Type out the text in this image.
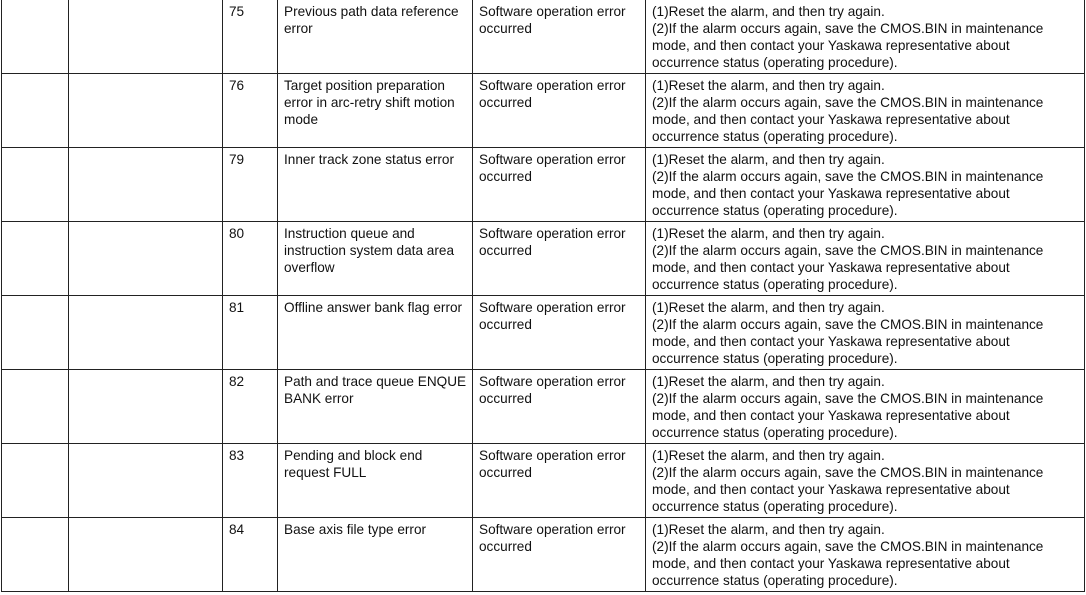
		75	Previous path data reference error	Software operation error occurred	(1)Reset the alarm, and then try again.
(2)If the alarm occurs again, save the CMOS.BIN in maintenance
mode, and then contact your Yaskawa representative about
occurrence status (operating procedure).

		76	Target position preparation error in arc-retry shift motion mode	Software operation error occurred	(1)Reset the alarm, and then try again.
(2)If the alarm occurs again, save the CMOS.BIN in maintenance
mode, and then contact your Yaskawa representative about
occurrence status (operating procedure).

		79	Inner track zone status error	Software operation error occurred	(1)Reset the alarm, and then try again.
(2)If the alarm occurs again, save the CMOS.BIN in maintenance
mode, and then contact your Yaskawa representative about
occurrence status (operating procedure).

		80	Instruction queue and instruction system data area overflow	Software operation error occurred	(1)Reset the alarm, and then try again.
(2)If the alarm occurs again, save the CMOS.BIN in maintenance
mode, and then contact your Yaskawa representative about
occurrence status (operating procedure).

		81	Offline answer bank flag error	Software operation error occurred	(1)Reset the alarm, and then try again.
(2)If the alarm occurs again, save the CMOS.BIN in maintenance
mode, and then contact your Yaskawa representative about
occurrence status (operating procedure).

		82	Path and trace queue ENQUE BANK error	Software operation error occurred	(1)Reset the alarm, and then try again.
(2)If the alarm occurs again, save the CMOS.BIN in maintenance
mode, and then contact your Yaskawa representative about
occurrence status (operating procedure).

		83	Pending and block end request FULL	Software operation error occurred	(1)Reset the alarm, and then try again.
(2)If the alarm occurs again, save the CMOS.BIN in maintenance
mode, and then contact your Yaskawa representative about
occurrence status (operating procedure).

		84	Base axis file type error	Software operation error occurred	(1)Reset the alarm, and then try again.
(2)If the alarm occurs again, save the CMOS.BIN in maintenance
mode, and then contact your Yaskawa representative about
occurrence status (operating procedure).
